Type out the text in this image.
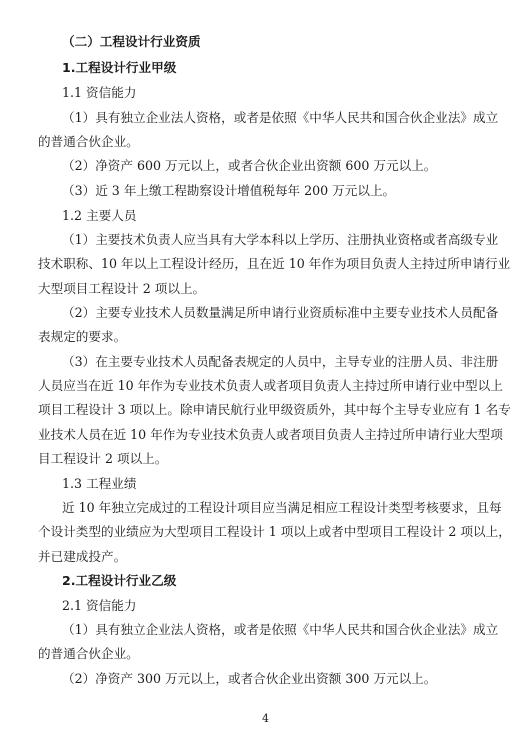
（二）工程设计行业资质
1.工程设计行业甲级
1.1 资信能力
（1）具有独立企业法人资格，或者是依照《中华人民共和国合伙企业法》成立
的普通合伙企业。
（2）净资产 600 万元以上，或者合伙企业出资额 600 万元以上。
（3）近 3 年上缴工程勘察设计增值税每年 200 万元以上。
1.2 主要人员
（1）主要技术负责人应当具有大学本科以上学历、注册执业资格或者高级专业
技术职称、10 年以上工程设计经历，且在近 10 年作为项目负责人主持过所申请行业
大型项目工程设计 2 项以上。
（2）主要专业技术人员数量满足所申请行业资质标准中主要专业技术人员配备
表规定的要求。
（3）在主要专业技术人员配备表规定的人员中，主导专业的注册人员、非注册
人员应当在近 10 年作为专业技术负责人或者项目负责人主持过所申请行业中型以上
项目工程设计 3 项以上。除申请民航行业甲级资质外，其中每个主导专业应有 1 名专
业技术人员在近 10 年作为专业技术负责人或者项目负责人主持过所申请行业大型项
目工程设计 2 项以上。
1.3 工程业绩
近 10 年独立完成过的工程设计项目应当满足相应工程设计类型考核要求，且每
个设计类型的业绩应为大型项目工程设计 1 项以上或者中型项目工程设计 2 项以上，
并已建成投产。
2.工程设计行业乙级
2.1 资信能力
（1）具有独立企业法人资格，或者是依照《中华人民共和国合伙企业法》成立
的普通合伙企业。
（2）净资产 300 万元以上，或者合伙企业出资额 300 万元以上。
4
